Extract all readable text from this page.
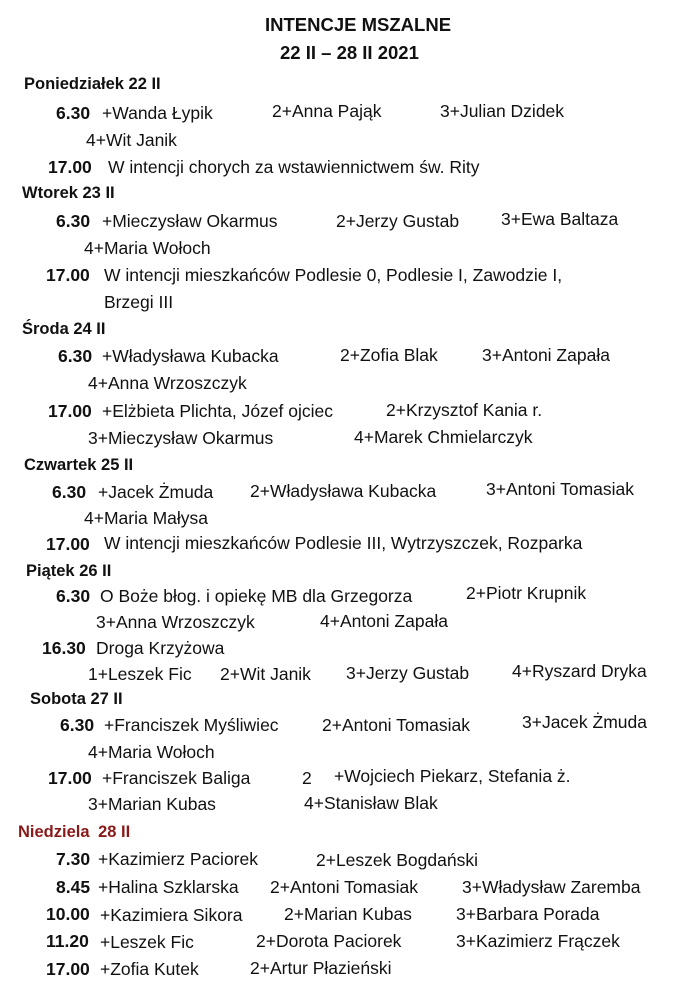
INTENCJE MSZALNE
22 II – 28 II 2021
Poniedziałek 22 II
6.30 +Wanda Łypik	2+Anna Pająk	3+Julian Dzidek
4+Wit Janik
17.00 W intencji chorych za wstawiennictwem św. Rity
Wtorek 23 II
6.30 +Mieczysław Okarmus	2+Jerzy Gustab 3+Ewa Baltaza
4+Maria Wołoch
17.00 W intencji mieszkańców Podlesie 0, Podlesie I, Zawodzie I,
Brzegi III
Środa 24 II
6.30 +Władysława Kubacka	2+Zofia Blak	3+Antoni Zapała
4+Anna Wrzoszczyk
17.00 +Elżbieta Plichta, Józef ojciec	2+Krzysztof Kania r.
3+Mieczysław Okarmus	4+Marek Chmielarczyk
Czwartek 25 II
6.30 +Jacek Żmuda 2+Władysława Kubacka	3+Antoni Tomasiak
4+Maria Małysa
17.00 W intencji mieszkańców Podlesie III, Wytrzyszczek, Rozparka
Piątek 26 II
6.30 O Boże błog. i opiekę MB dla Grzegorza	2+Piotr Krupnik
3+Anna Wrzoszczyk	4+Antoni Zapała
16.30 Droga Krzyżowa
1+Leszek Fic 2+Wit Janik 3+Jerzy Gustab 4+Ryszard Dryka
Sobota 27 II
6.30 +Franciszek Myśliwiec 2+Antoni Tomasiak	3+Jacek Żmuda
4+Maria Wołoch
17.00 +Franciszek Baliga	2 +Wojciech Piekarz, Stefania ż.
3+Marian Kubas	4+Stanisław Blak
Niedziela 28 II
7.30 +Kazimierz Paciorek	2+Leszek Bogdański
8.45 +Halina Szklarska 2+Antoni Tomasiak	3+Władysław Zaremba
10.00 +Kazimiera Sikora 2+Marian Kubas	3+Barbara Porada
11.20 +Leszek Fic	2+Dorota Paciorek	3+Kazimierz Frączek
17.00 +Zofia Kutek	2+Artur Płazieński
